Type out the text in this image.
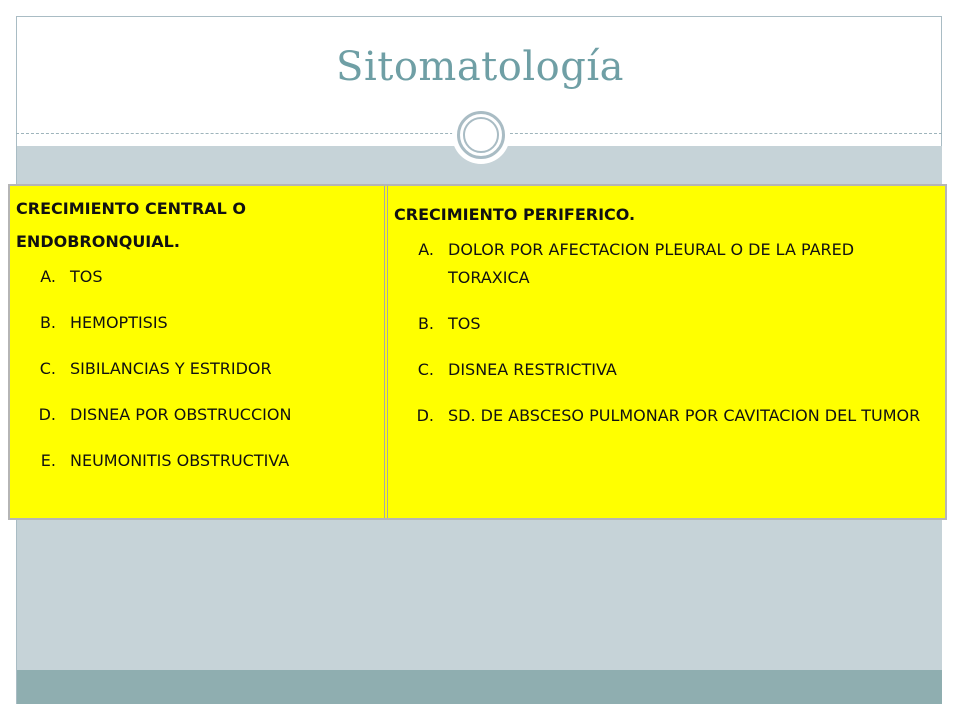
Sitomatología
CRECIMIENTO CENTRAL O ENDOBRONQUIAL.
A. TOS
B. HEMOPTISIS
C. SIBILANCIAS Y ESTRIDOR
D. DISNEA POR OBSTRUCCION
E. NEUMONITIS OBSTRUCTIVA
CRECIMIENTO PERIFERICO.
A. DOLOR POR AFECTACION PLEURAL O DE LA PARED TORAXICA
B. TOS
C. DISNEA RESTRICTIVA
D. SD. DE ABSCESO PULMONAR POR CAVITACION DEL TUMOR
